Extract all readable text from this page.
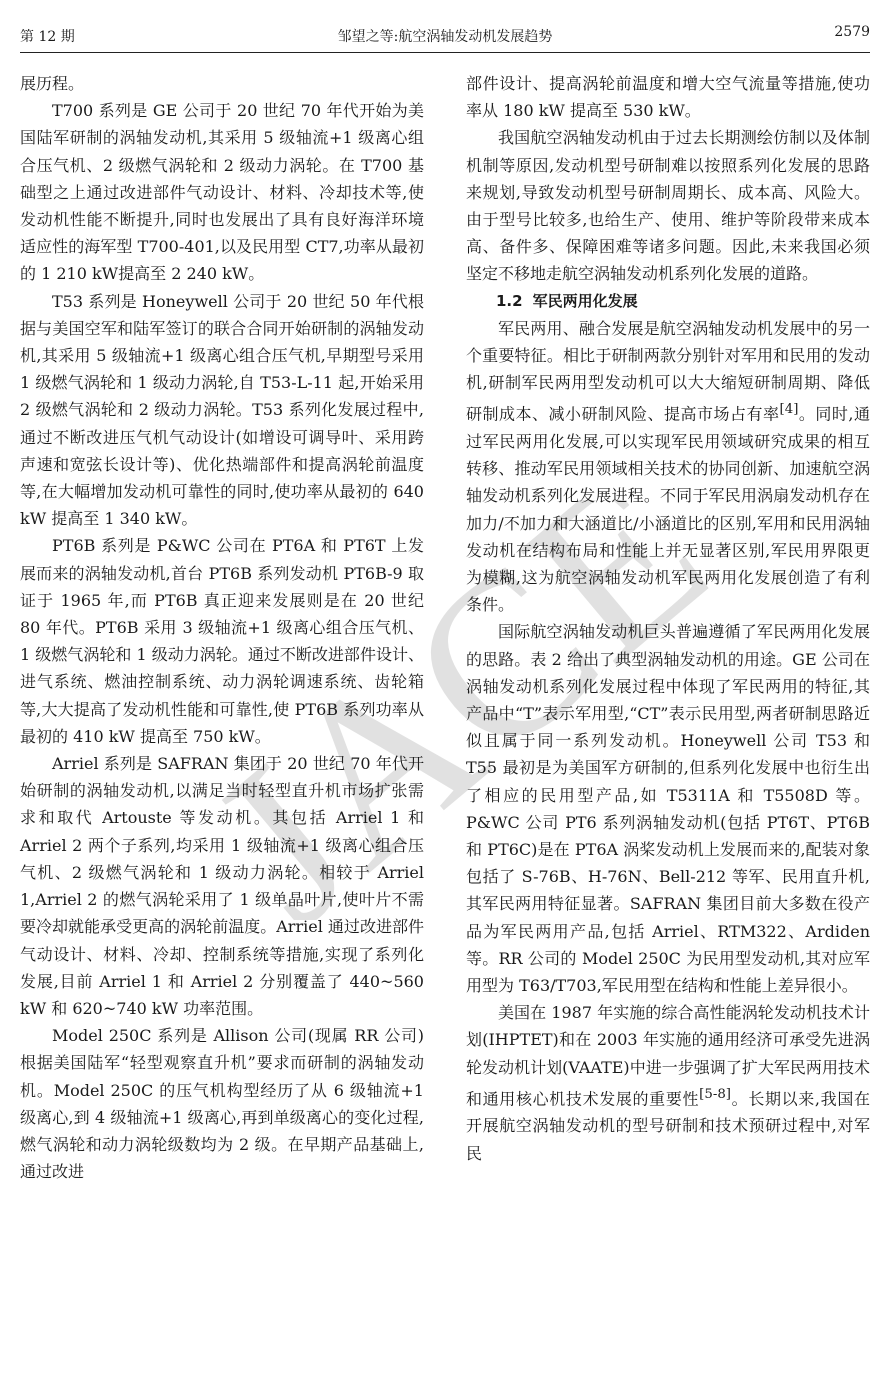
第 12 期	邹望之等:航空涡轴发动机发展趋势	2579
JACE

展历程。

T700 系列是 GE 公司于 20 世纪 70 年代开始为美国陆军研制的涡轴发动机,其采用 5 级轴流+1 级离心组合压气机、2 级燃气涡轮和 2 级动力涡轮。在 T700 基础型之上通过改进部件气动设计、材料、冷却技术等,使发动机性能不断提升,同时也发展出了具有良好海洋环境适应性的海军型 T700-401,以及民用型 CT7,功率从最初的 1 210 kW提高至 2 240 kW。

T53 系列是 Honeywell 公司于 20 世纪 50 年代根据与美国空军和陆军签订的联合合同开始研制的涡轴发动机,其采用 5 级轴流+1 级离心组合压气机,早期型号采用 1 级燃气涡轮和 1 级动力涡轮,自 T53-L-11 起,开始采用 2 级燃气涡轮和 2 级动力涡轮。T53 系列化发展过程中,通过不断改进压气机气动设计(如增设可调导叶、采用跨声速和宽弦长设计等)、优化热端部件和提高涡轮前温度等,在大幅增加发动机可靠性的同时,使功率从最初的 640 kW 提高至 1 340 kW。

PT6B 系列是 P&WC 公司在 PT6A 和 PT6T 上发展而来的涡轴发动机,首台 PT6B 系列发动机 PT6B-9 取证于 1965 年,而 PT6B 真正迎来发展则是在 20 世纪 80 年代。PT6B 采用 3 级轴流+1 级离心组合压气机、1 级燃气涡轮和 1 级动力涡轮。通过不断改进部件设计、进气系统、燃油控制系统、动力涡轮调速系统、齿轮箱等,大大提高了发动机性能和可靠性,使 PT6B 系列功率从最初的 410 kW 提高至 750 kW。

Arriel 系列是 SAFRAN 集团于 20 世纪 70 年代开始研制的涡轴发动机,以满足当时轻型直升机市场扩张需求和取代 Artouste 等发动机。其包括 Arriel 1 和 Arriel 2 两个子系列,均采用 1 级轴流+1 级离心组合压气机、2 级燃气涡轮和 1 级动力涡轮。相较于 Arriel 1,Arriel 2 的燃气涡轮采用了 1 级单晶叶片,使叶片不需要冷却就能承受更高的涡轮前温度。Arriel 通过改进部件气动设计、材料、冷却、控制系统等措施,实现了系列化发展,目前 Arriel 1 和 Arriel 2 分别覆盖了 440~560 kW 和 620~740 kW 功率范围。

Model 250C 系列是 Allison 公司(现属 RR 公司)根据美国陆军“轻型观察直升机”要求而研制的涡轴发动机。Model 250C 的压气机构型经历了从 6 级轴流+1 级离心,到 4 级轴流+1 级离心,再到单级离心的变化过程,燃气涡轮和动力涡轮级数均为 2 级。在早期产品基础上,通过改进

部件设计、提高涡轮前温度和增大空气流量等措施,使功率从 180 kW 提高至 530 kW。

我国航空涡轴发动机由于过去长期测绘仿制以及体制机制等原因,发动机型号研制难以按照系列化发展的思路来规划,导致发动机型号研制周期长、成本高、风险大。由于型号比较多,也给生产、使用、维护等阶段带来成本高、备件多、保障困难等诸多问题。因此,未来我国必须坚定不移地走航空涡轴发动机系列化发展的道路。

1.2 军民两用化发展

军民两用、融合发展是航空涡轴发动机发展中的另一个重要特征。相比于研制两款分别针对军用和民用的发动机,研制军民两用型发动机可以大大缩短研制周期、降低研制成本、减小研制风险、提高市场占有率[4]。同时,通过军民两用化发展,可以实现军民用领域研究成果的相互转移、推动军民用领域相关技术的协同创新、加速航空涡轴发动机系列化发展进程。不同于军民用涡扇发动机存在加力/不加力和大涵道比/小涵道比的区别,军用和民用涡轴发动机在结构布局和性能上并无显著区别,军民用界限更为模糊,这为航空涡轴发动机军民两用化发展创造了有利条件。

国际航空涡轴发动机巨头普遍遵循了军民两用化发展的思路。表 2 给出了典型涡轴发动机的用途。GE 公司在涡轴发动机系列化发展过程中体现了军民两用的特征,其产品中“T”表示军用型,“CT”表示民用型,两者研制思路近似且属于同一系列发动机。Honeywell 公司 T53 和 T55 最初是为美国军方研制的,但系列化发展中也衍生出了相应的民用型产品,如 T5311A 和 T5508D 等。P&WC 公司 PT6 系列涡轴发动机(包括 PT6T、PT6B 和 PT6C)是在 PT6A 涡桨发动机上发展而来的,配装对象包括了 S-76B、H-76N、Bell-212 等军、民用直升机,其军民两用特征显著。SAFRAN 集团目前大多数在役产品为军民两用产品,包括 Arriel、RTM322、Ardiden 等。RR 公司的 Model 250C 为民用型发动机,其对应军用型为 T63/T703,军民用型在结构和性能上差异很小。

美国在 1987 年实施的综合高性能涡轮发动机技术计划(IHPTET)和在 2003 年实施的通用经济可承受先进涡轮发动机计划(VAATE)中进一步强调了扩大军民两用技术和通用核心机技术发展的重要性[5-8]。长期以来,我国在开展航空涡轴发动机的型号研制和技术预研过程中,对军民
